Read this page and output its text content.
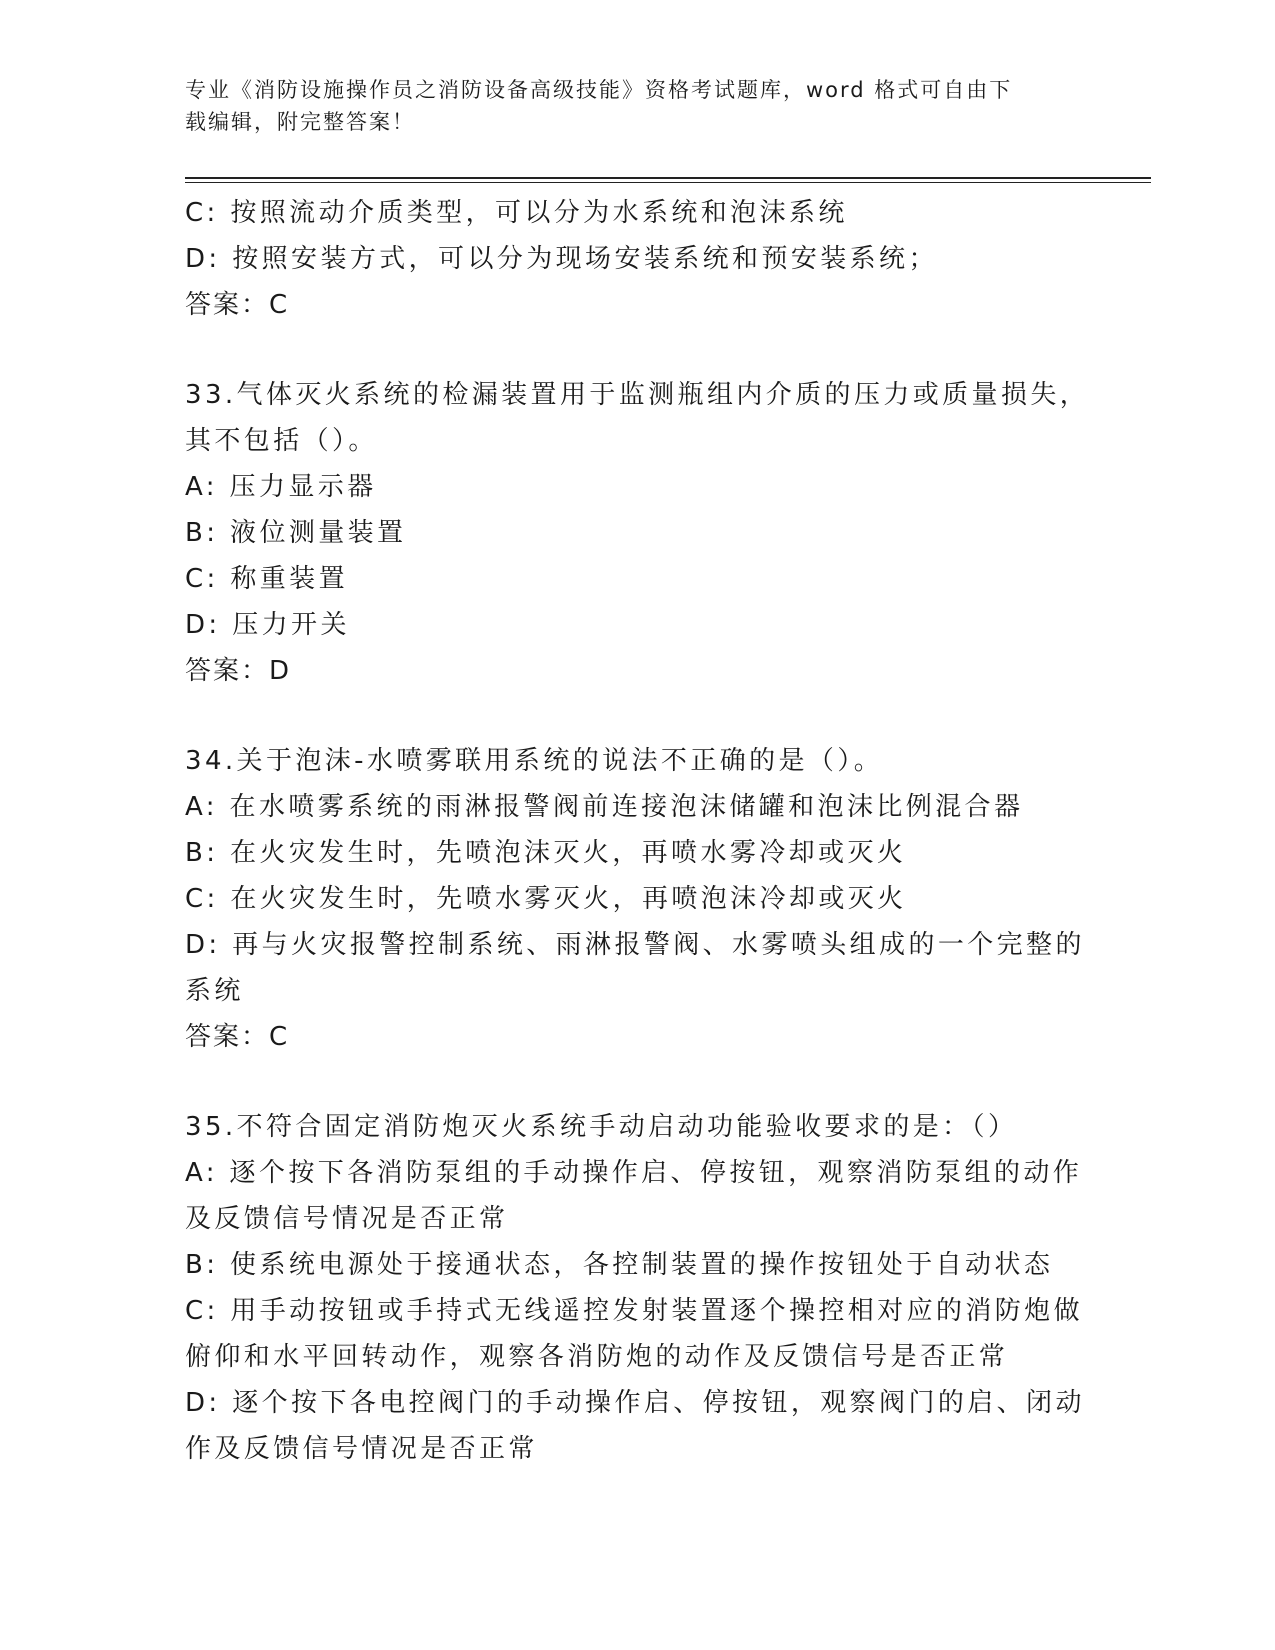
专业《消防设施操作员之消防设备高级技能》资格考试题库，word 格式可自由下
载编辑，附完整答案！
C: 按照流动介质类型，可以分为水系统和泡沫系统
D: 按照安装方式，可以分为现场安装系统和预安装系统；
答案：C
33.气体灭火系统的检漏装置用于监测瓶组内介质的压力或质量损失，
其不包括（）。
A: 压力显示器
B: 液位测量装置
C: 称重装置
D: 压力开关
答案：D
34.关于泡沫-水喷雾联用系统的说法不正确的是（）。
A: 在水喷雾系统的雨淋报警阀前连接泡沫储罐和泡沫比例混合器
B: 在火灾发生时，先喷泡沫灭火，再喷水雾冷却或灭火
C: 在火灾发生时，先喷水雾灭火，再喷泡沫冷却或灭火
D: 再与火灾报警控制系统、雨淋报警阀、水雾喷头组成的一个完整的
系统
答案：C
35.不符合固定消防炮灭火系统手动启动功能验收要求的是：（）
A: 逐个按下各消防泵组的手动操作启、停按钮，观察消防泵组的动作
及反馈信号情况是否正常
B: 使系统电源处于接通状态，各控制装置的操作按钮处于自动状态
C: 用手动按钮或手持式无线遥控发射装置逐个操控相对应的消防炮做
俯仰和水平回转动作，观察各消防炮的动作及反馈信号是否正常
D: 逐个按下各电控阀门的手动操作启、停按钮，观察阀门的启、闭动
作及反馈信号情况是否正常
